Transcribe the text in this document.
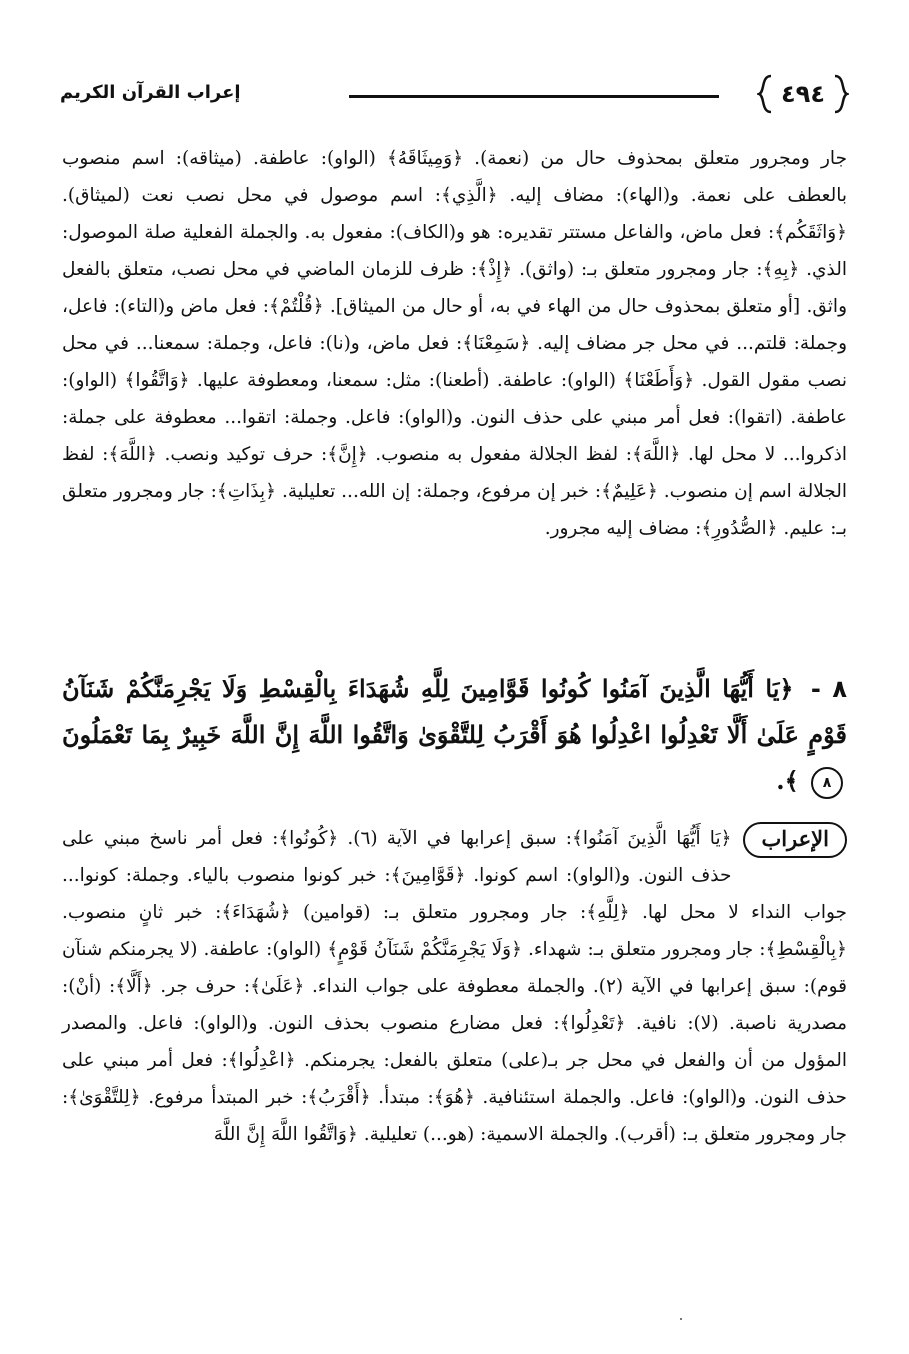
٤٩٤
إعراب القرآن الكريم

جار ومجرور متعلق بمحذوف حال من (نعمة). ﴿وَمِيثَاقَهُ﴾ (الواو): عاطفة. (ميثاقه): اسم منصوب بالعطف على نعمة. و(الهاء): مضاف إليه. ﴿الَّذِي﴾: اسم موصول في محل نصب نعت (لميثاق). ﴿وَاثَقَكُم﴾: فعل ماض، والفاعل مستتر تقديره: هو و(الكاف): مفعول به. والجملة الفعلية صلة الموصول: الذي. ﴿بِهِ﴾: جار ومجرور متعلق بـ: (واثق). ﴿إِذْ﴾: ظرف للزمان الماضي في محل نصب، متعلق بالفعل واثق. [أو متعلق بمحذوف حال من الهاء في به، أو حال من الميثاق]. ﴿قُلْتُمْ﴾: فعل ماض و(التاء): فاعل، وجملة: قلتم... في محل جر مضاف إليه. ﴿سَمِعْنَا﴾: فعل ماض، و(نا): فاعل، وجملة: سمعنا... في محل نصب مقول القول. ﴿وَأَطَعْنَا﴾ (الواو): عاطفة. (أطعنا): مثل: سمعنا، ومعطوفة عليها. ﴿وَاتَّقُوا﴾ (الواو): عاطفة. (اتقوا): فعل أمر مبني على حذف النون. و(الواو): فاعل. وجملة: اتقوا... معطوفة على جملة: اذكروا... لا محل لها. ﴿اللَّهَ﴾: لفظ الجلالة مفعول به منصوب. ﴿إِنَّ﴾: حرف توكيد ونصب. ﴿اللَّهَ﴾: لفظ الجلالة اسم إن منصوب. ﴿عَلِيمٌ﴾: خبر إن مرفوع، وجملة: إن الله... تعليلية. ﴿بِذَاتِ﴾: جار ومجرور متعلق بـ: عليم. ﴿الصُّدُورِ﴾: مضاف إليه مجرور.

٨ - ﴿يَا أَيُّهَا الَّذِينَ آمَنُوا كُونُوا قَوَّامِينَ لِلَّهِ شُهَدَاءَ بِالْقِسْطِ وَلَا يَجْرِمَنَّكُمْ شَنَآنُ قَوْمٍ عَلَىٰ أَلَّا تَعْدِلُوا اعْدِلُوا هُوَ أَقْرَبُ لِلتَّقْوَىٰ وَاتَّقُوا اللَّهَ إِنَّ اللَّهَ خَبِيرٌ بِمَا تَعْمَلُونَ ٨ ﴾.
الإعراب
﴿يَا أَيُّهَا الَّذِينَ آمَنُوا﴾: سبق إعرابها في الآية (٦). ﴿كُونُوا﴾: فعل أمر ناسخ مبني على حذف النون. و(الواو): اسم كونوا. ﴿قَوَّامِينَ﴾: خبر كونوا منصوب بالياء. وجملة: كونوا... جواب النداء لا محل لها. ﴿لِلَّهِ﴾: جار ومجرور متعلق بـ: (قوامين) ﴿شُهَدَاءَ﴾: خبر ثانٍ منصوب. ﴿بِالْقِسْطِ﴾: جار ومجرور متعلق بـ: شهداء. ﴿وَلَا يَجْرِمَنَّكُمْ شَنَآنُ قَوْمٍ﴾ (الواو): عاطفة. (لا يجرمنكم شنآن قوم): سبق إعرابها في الآية (٢). والجملة معطوفة على جواب النداء. ﴿عَلَىٰ﴾: حرف جر. ﴿أَلَّا﴾: (أنْ): مصدرية ناصبة. (لا): نافية. ﴿تَعْدِلُوا﴾: فعل مضارع منصوب بحذف النون. و(الواو): فاعل. والمصدر المؤول من أن والفعل في محل جر بـ(على) متعلق بالفعل: يجرمنكم. ﴿اعْدِلُوا﴾: فعل أمر مبني على حذف النون. و(الواو): فاعل. والجملة استئنافية. ﴿هُوَ﴾: مبتدأ. ﴿أَقْرَبُ﴾: خبر المبتدأ مرفوع. ﴿لِلتَّقْوَىٰ﴾: جار ومجرور متعلق بـ: (أقرب). والجملة الاسمية: (هو...) تعليلية. ﴿وَاتَّقُوا اللَّهَ إِنَّ اللَّهَ
